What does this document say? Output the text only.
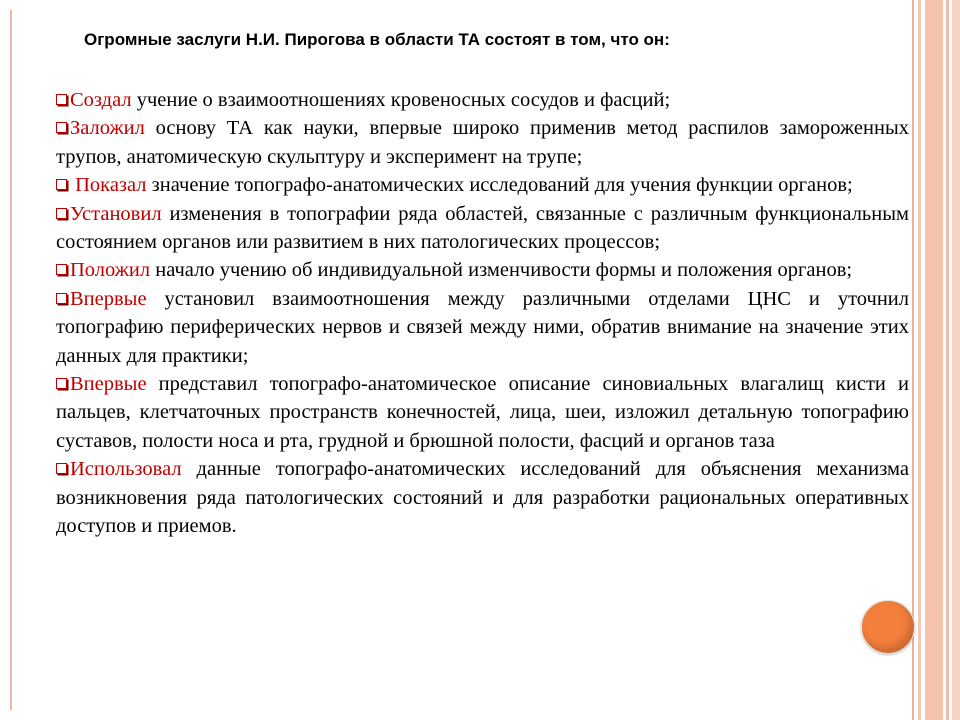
Огромные заслуги Н.И. Пирогова в области ТА состоят в том, что он:

Создал учение о взаимоотношениях кровеносных сосудов и фасций;

Заложил основу ТА как науки, впервые широко применив метод распилов замороженных трупов, анатомическую скульптуру и эксперимент на трупе;

Показал значение топографо-анатомических исследований для учения функции органов;

Установил изменения в топографии ряда областей, связанные с различным функциональным состоянием органов или развитием в них патологических процессов;

Положил начало учению об индивидуальной изменчивости формы и положения органов;

Впервые установил взаимоотношения между различными отделами ЦНС и уточнил топографию периферических нервов и связей между ними, обратив внимание на значение этих данных для практики;

Впервые представил топографо-анатомическое описание синовиальных влагалищ кисти и пальцев, клетчаточных пространств конечностей, лица, шеи, изложил детальную топографию суставов, полости носа и рта, грудной и брюшной полости, фасций и органов таза

Использовал данные топографо-анатомических исследований для объяснения механизма возникновения ряда патологических состояний и для разработки рациональных оперативных доступов и приемов.
